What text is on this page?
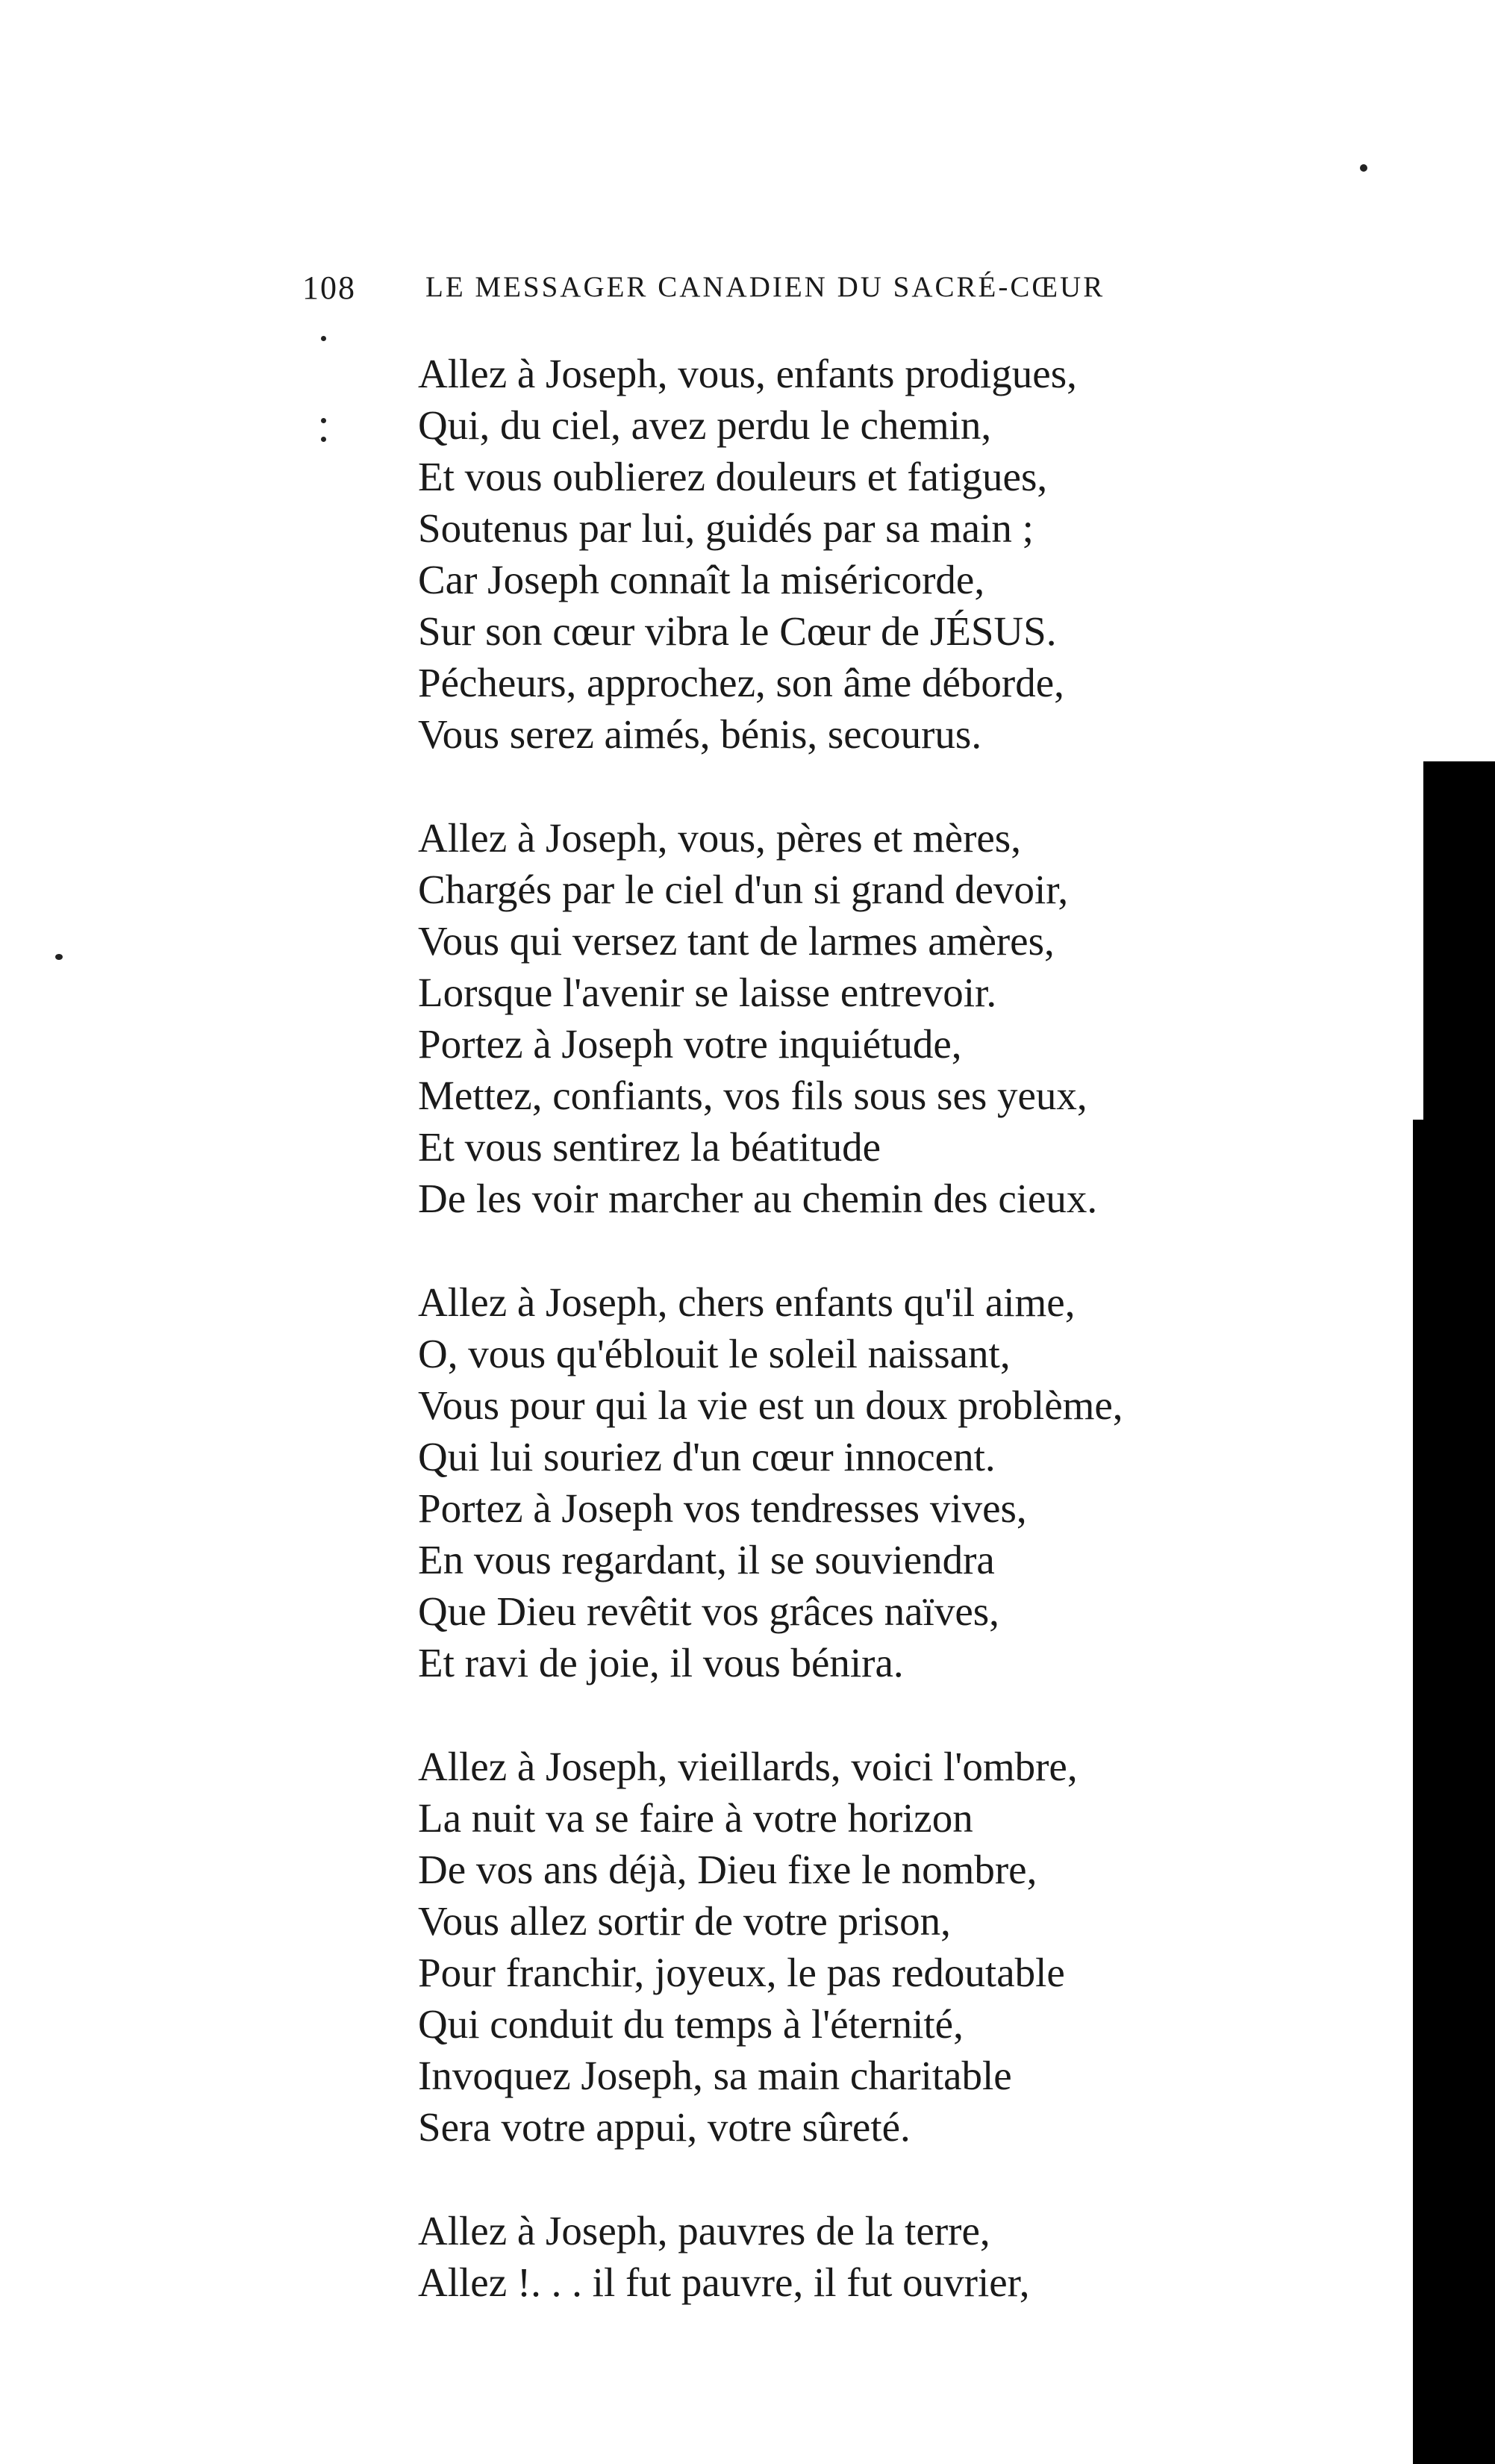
108 LE MESSAGER CANADIEN DU SACRÉ-CŒUR
Allez à Joseph, vous, enfants prodigues,
Qui, du ciel, avez perdu le chemin,
Et vous oublierez douleurs et fatigues,
Soutenus par lui, guidés par sa main ;
Car Joseph connaît la miséricorde,
Sur son cœur vibra le Cœur de JÉSUS.
Pécheurs, approchez, son âme déborde,
Vous serez aimés, bénis, secourus.
Allez à Joseph, vous, pères et mères,
Chargés par le ciel d'un si grand devoir,
Vous qui versez tant de larmes amères,
Lorsque l'avenir se laisse entrevoir.
Portez à Joseph votre inquiétude,
Mettez, confiants, vos fils sous ses yeux,
Et vous sentirez la béatitude
De les voir marcher au chemin des cieux.
Allez à Joseph, chers enfants qu'il aime,
O, vous qu'éblouit le soleil naissant,
Vous pour qui la vie est un doux problème,
Qui lui souriez d'un cœur innocent.
Portez à Joseph vos tendresses vives,
En vous regardant, il se souviendra
Que Dieu revêtit vos grâces naïves,
Et ravi de joie, il vous bénira.
Allez à Joseph, vieillards, voici l'ombre,
La nuit va se faire à votre horizon
De vos ans déjà, Dieu fixe le nombre,
Vous allez sortir de votre prison,
Pour franchir, joyeux, le pas redoutable
Qui conduit du temps à l'éternité,
Invoquez Joseph, sa main charitable
Sera votre appui, votre sûreté.
Allez à Joseph, pauvres de la terre,
Allez !. . . il fut pauvre, il fut ouvrier,
